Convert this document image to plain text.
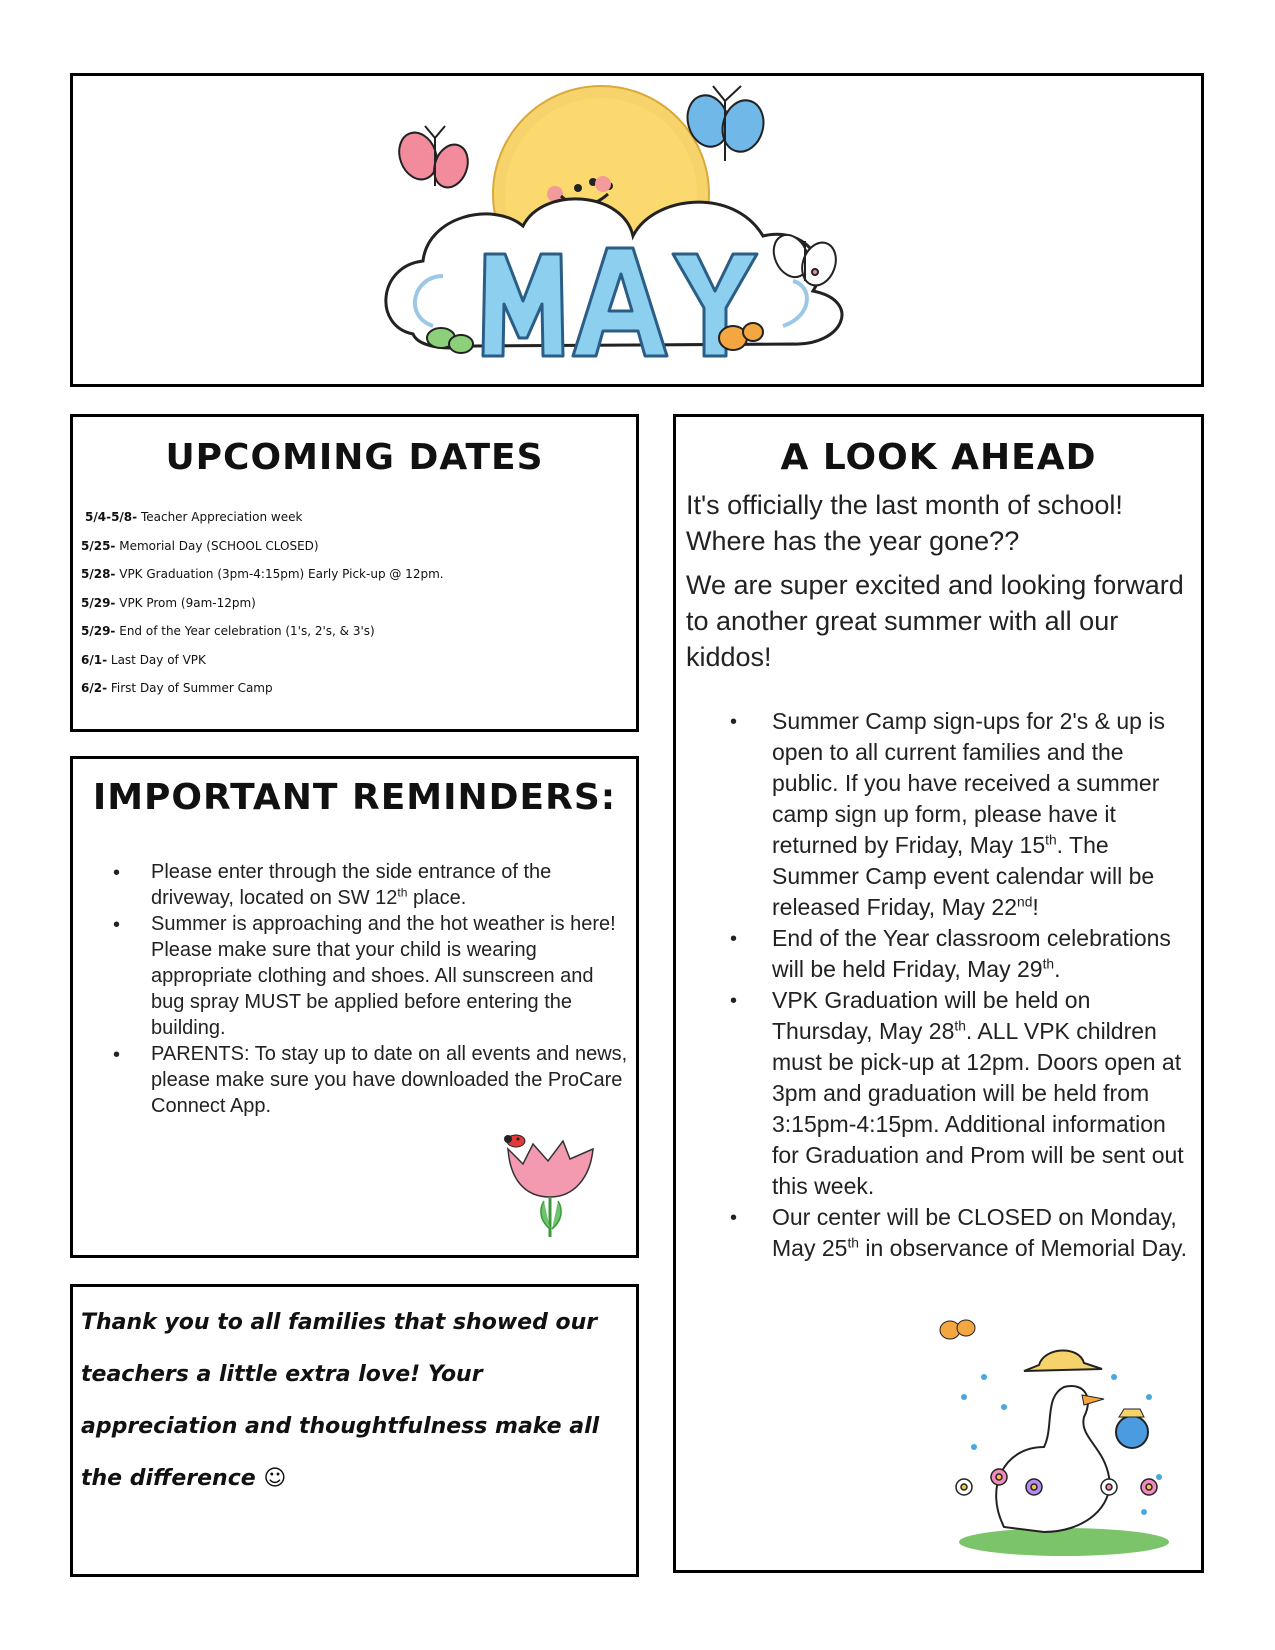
UPCOMING DATES
5/4-5/8- Teacher Appreciation week
5/25- Memorial Day (SCHOOL CLOSED)
5/28- VPK Graduation (3pm-4:15pm) Early Pick-up @ 12pm.
5/29- VPK Prom (9am-12pm)
5/29- End of the Year celebration (1's, 2's, & 3's)
6/1- Last Day of VPK
6/2- First Day of Summer Camp
IMPORTANT REMINDERS:
• Please enter through the side entrance of the driveway, located on SW 12th place.
• Summer is approaching and the hot weather is here! Please make sure that your child is wearing appropriate clothing and shoes. All sunscreen and bug spray MUST be applied before entering the building.
• PARENTS: To stay up to date on all events and news, please make sure you have downloaded the ProCare Connect App.
Thank you to all families that showed our teachers a little extra love! Your appreciation and thoughtfulness make all the difference ☺
A LOOK AHEAD
It's officially the last month of school! Where has the year gone??
We are super excited and looking forward to another great summer with all our kiddos!
• Summer Camp sign-ups for 2's & up is open to all current families and the public. If you have received a summer camp sign up form, please have it returned by Friday, May 15th. The Summer Camp event calendar will be released Friday, May 22nd!
• End of the Year classroom celebrations will be held Friday, May 29th.
• VPK Graduation will be held on Thursday, May 28th. ALL VPK children must be pick-up at 12pm. Doors open at 3pm and graduation will be held from 3:15pm-4:15pm. Additional information for Graduation and Prom will be sent out this week.
• Our center will be CLOSED on Monday, May 25th in observance of Memorial Day.
